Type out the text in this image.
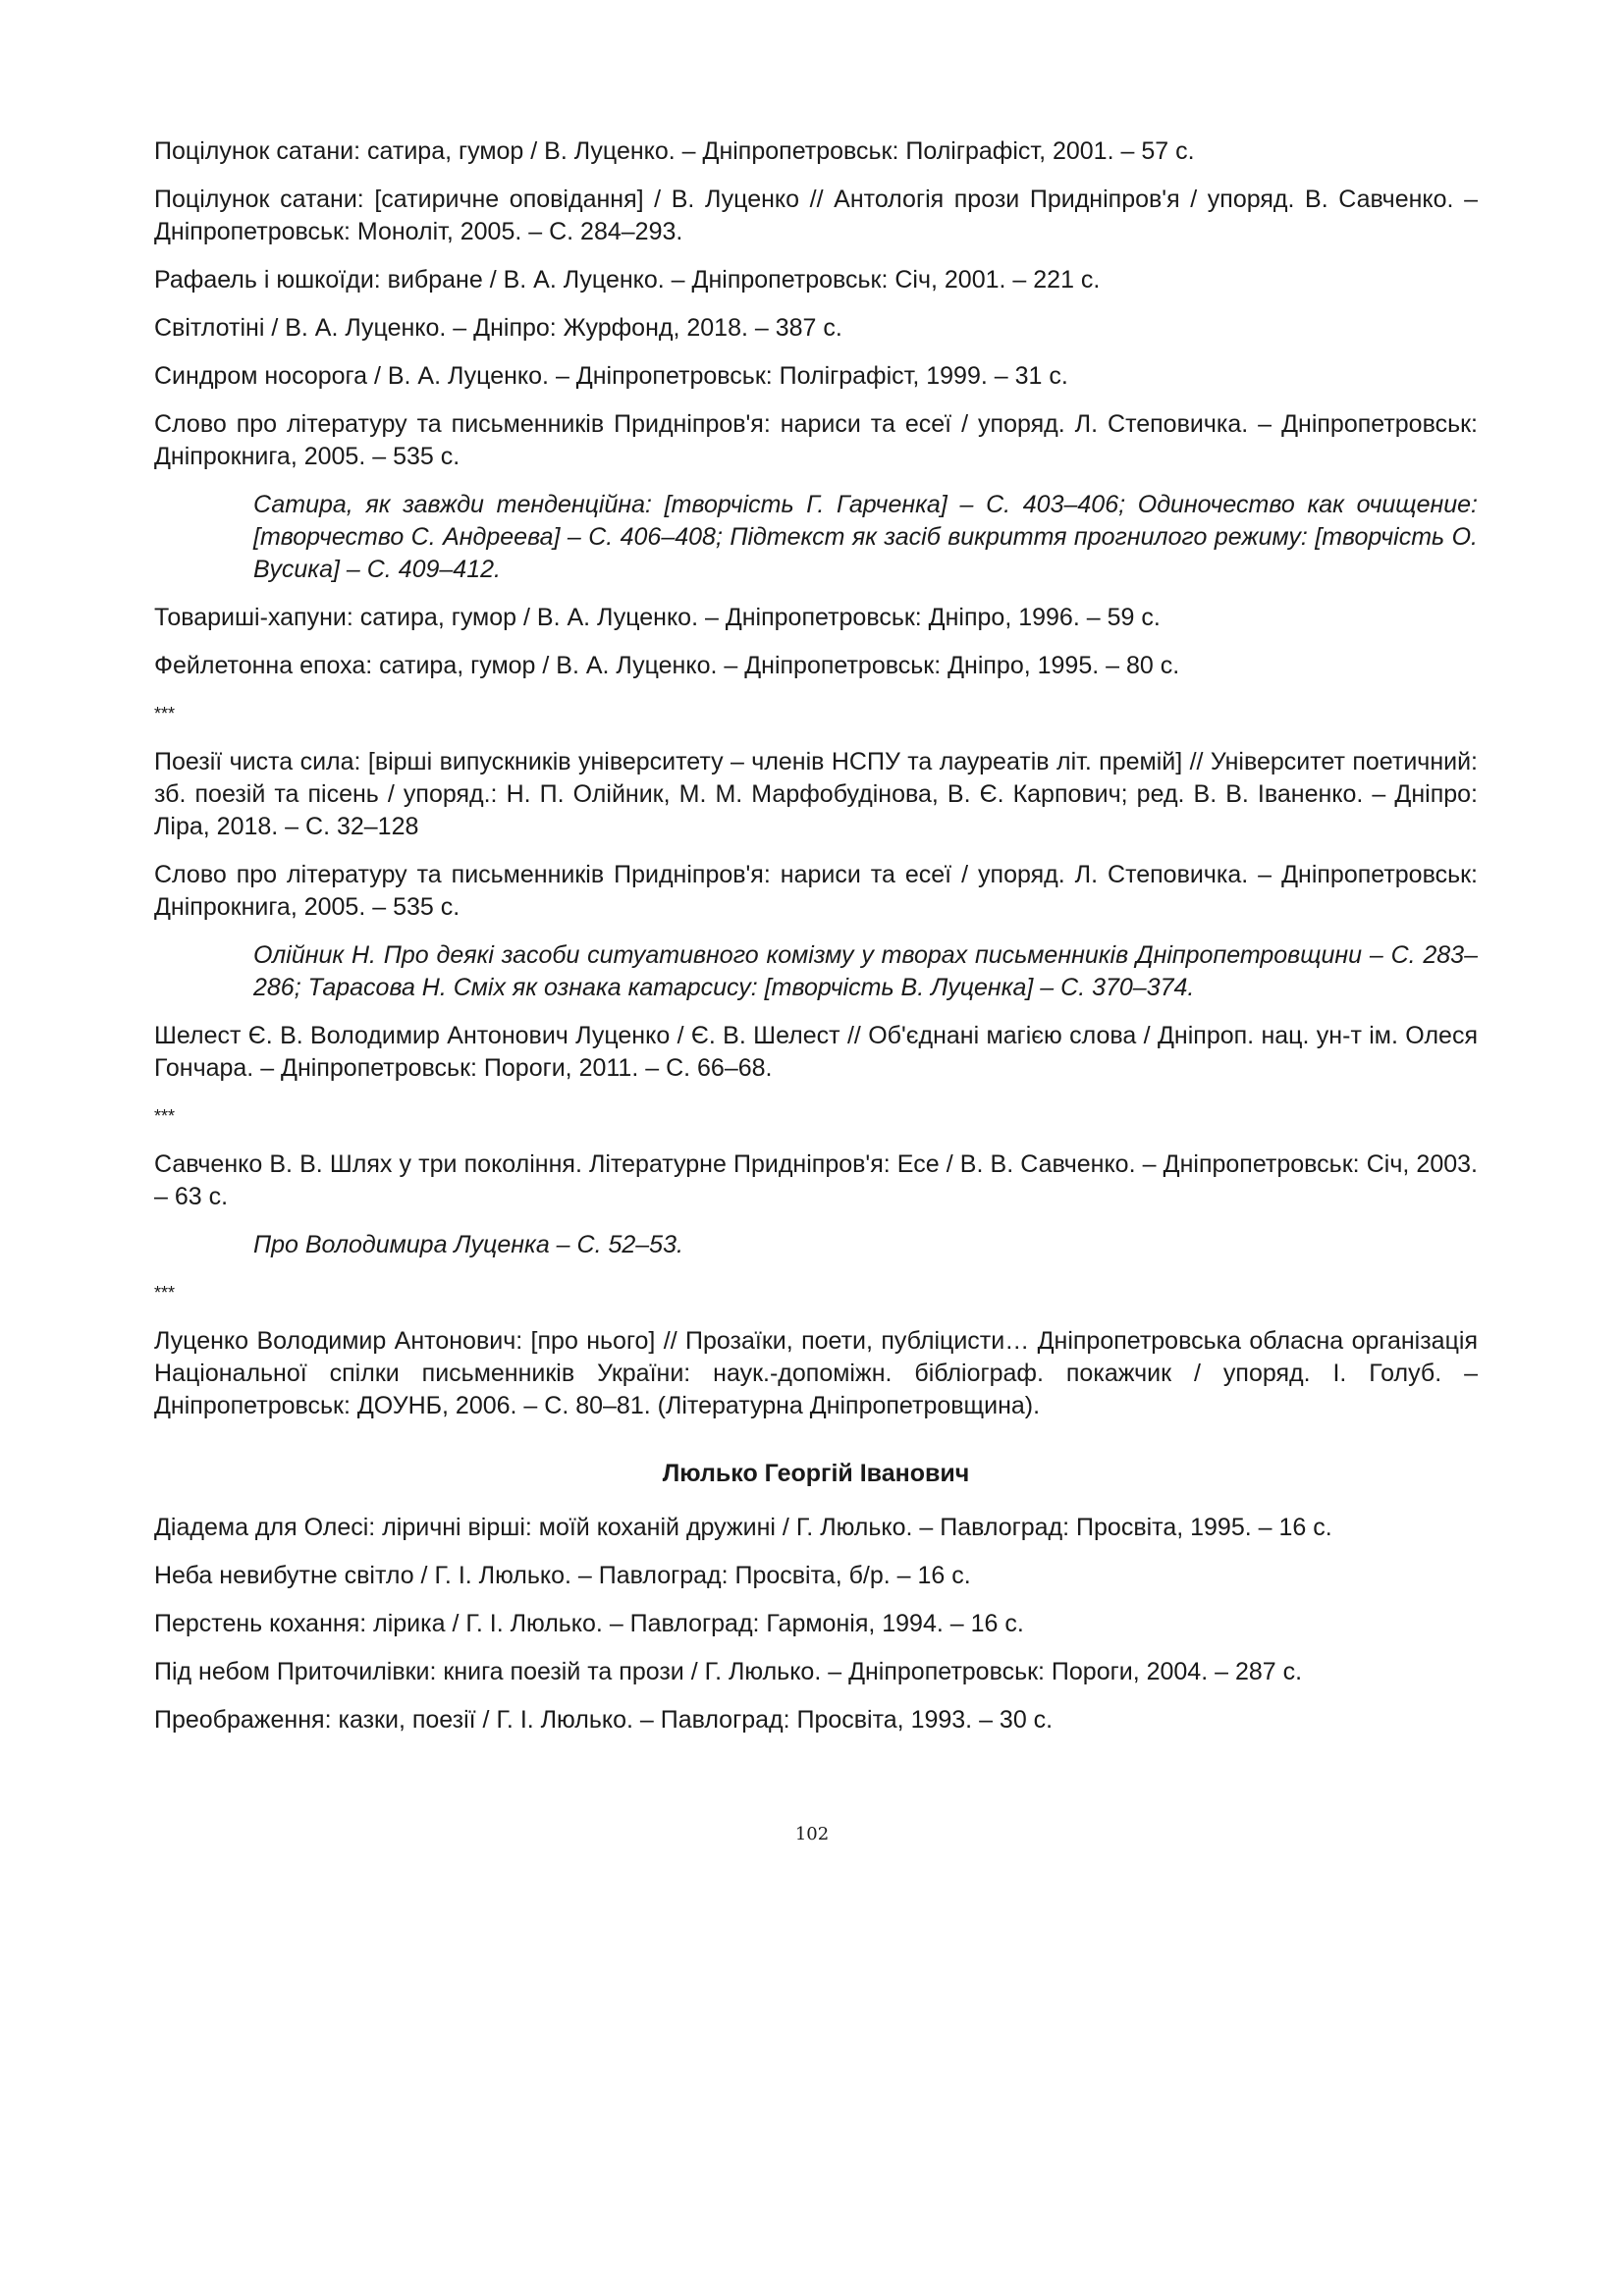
Поцілунок сатани: сатира, гумор / В. Луценко. – Дніпропетровськ: Поліграфіст, 2001. – 57 с.

Поцілунок сатани: [сатиричне оповідання] / В. Луценко // Антологія прози Придніпров'я / упоряд. В. Савченко. – Дніпропетровськ: Моноліт, 2005. – С. 284–293.

Рафаель і юшкоїди: вибране / В. А. Луценко. – Дніпропетровськ: Січ, 2001. – 221 с.

Світлотіні / В. А. Луценко. – Дніпро: Журфонд, 2018. – 387 с.

Синдром носорога / В. А. Луценко. – Дніпропетровськ: Поліграфіст, 1999. – 31 с.

Слово про літературу та письменників Придніпров'я: нариси та есеї / упоряд. Л. Степовичка. – Дніпропетровськ: Дніпрокнига, 2005. – 535 с.

Сатира, як завжди тенденційна: [творчість Г. Гарченка] – С. 403–406; Одиночество как очищение: [творчество С. Андреева] – С. 406–408; Підтекст як засіб викриття прогнилого режиму: [творчість О. Вусика] – С. 409–412.

Товариші-хапуни: сатира, гумор / В. А. Луценко. – Дніпропетровськ: Дніпро, 1996. – 59 с.

Фейлетонна епоха: сатира, гумор / В. А. Луценко. – Дніпропетровськ: Дніпро, 1995. – 80 с.

***

Поезії чиста сила: [вірші випускників університету – членів НСПУ та лауреатів літ. премій] // Університет поетичний: зб. поезій та пісень / упоряд.: Н. П. Олійник, М. М. Марфобудінова, В. Є. Карпович; ред. В. В. Іваненко. – Дніпро: Ліра, 2018. – С. 32–128

Слово про літературу та письменників Придніпров'я: нариси та есеї / упоряд. Л. Степовичка. – Дніпропетровськ: Дніпрокнига, 2005. – 535 с.

Олійник Н. Про деякі засоби ситуативного комізму у творах письменників Дніпропетровщини – С. 283–286; Тарасова Н. Сміх як ознака катарсису: [творчість В. Луценка] – С. 370–374.

Шелест Є. В. Володимир Антонович Луценко / Є. В. Шелест // Об'єднані магією слова / Дніпроп. нац. ун-т ім. Олеся Гончара. – Дніпропетровськ: Пороги, 2011. – С. 66–68.

***

Савченко В. В. Шлях у три покоління. Літературне Придніпров'я: Есе / В. В. Савченко. – Дніпропетровськ: Січ, 2003. – 63 с.

Про Володимира Луценка – С. 52–53.

***

Луценко Володимир Антонович: [про нього] // Прозаїки, поети, публіцисти… Дніпропетровська обласна організація Національної спілки письменників України: наук.-допоміжн. бібліограф. покажчик / упоряд. І. Голуб. – Дніпропетровськ: ДОУНБ, 2006. – С. 80–81. (Літературна Дніпропетровщина).

Люлько Георгій Іванович

Діадема для Олесі: ліричні вірші: моїй коханій дружині / Г. Люлько. – Павлоград: Просвіта, 1995. – 16 с.

Неба невибутне світло / Г. І. Люлько. – Павлоград: Просвіта, б/р. – 16 с.

Перстень кохання: лірика / Г. І. Люлько. – Павлоград: Гармонія, 1994. – 16 с.

Під небом Приточилівки: книга поезій та прози / Г. Люлько. – Дніпропетровськ: Пороги, 2004. – 287 с.

Преображення: казки, поезії / Г. І. Люлько. – Павлоград: Просвіта, 1993. – 30 с.

102
